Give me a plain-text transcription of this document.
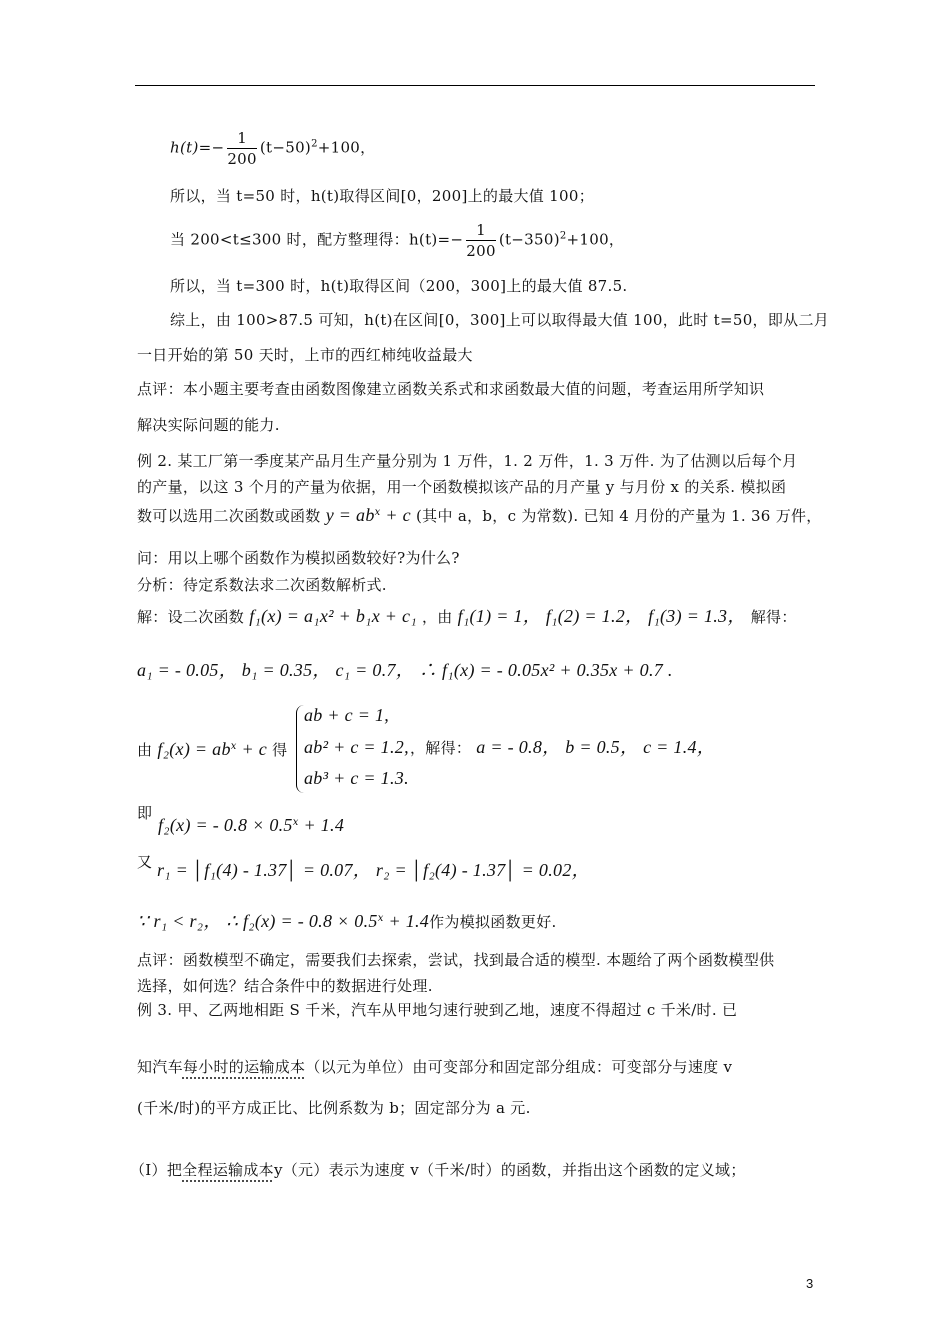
$h(t)=- \frac{1}{200} (t-50)^2+100$，
所以，当 t=50 时，h(t)取得区间[0，200]上的最大值 100；
当 200<t≤300 时，配方整理得：$h(t)=- \frac{1}{200} (t-350)^2+100$，
所以，当 t=300 时，h(t)取得区间（200，300]上的最大值 87.5.
综上，由 100>87.5 可知，h(t)在区间[0，300]上可以取得最大值 100，此时 t=50，即从二月
一日开始的第 50 天时，上市的西红柿纯收益最大
点评：本小题主要考查由函数图像建立函数关系式和求函数最大值的问题，考查运用所学知识
解决实际问题的能力.
例 2. 某工厂第一季度某产品月生产量分别为 1 万件，1. 2 万件，1. 3 万件. 为了估测以后每个月
的产量，以这 3 个月的产量为依据，用一个函数模拟该产品的月产量 y 与月份 x 的关系. 模拟函
数可以选用二次函数或函数 $y = ab^x + c$ (其中 a，b，c 为常数). 已知 4 月份的产量为 1. 36 万件，
问：用以上哪个函数作为模拟函数较好?为什么?
分析：待定系数法求二次函数解析式.
解：设二次函数 f₁(x) = a₁x² + b₁x + c₁ ，由 f₁(1) = 1， f₁(2) = 1.2， f₁(3) = 1.3， 解得：
a₁ = - 0.05， b₁ = 0.35， c₁ = 0.7， ∴ f₁(x) = - 0.05x² + 0.35x + 0.7 .
由 $f_2(x) = ab^x + c$ 得
ab + c = 1,
ab² + c = 1.2,
ab³ + c = 1.3.
，解得： a = - 0.8， b = 0.5， c = 1.4，
即
f₂(x) = - $0.8 \times 0.5^x + 1.4$
又 r₁ = │f₁(4) - 1.37│ = 0.07， r₂ = │f₂(4) - 1.37│ = 0.02，
∵ r₁ < r₂， ∴ f₂(x) = - $0.8 \times 0.5^x + 1.4$作为模拟函数更好.
点评：函数模型不确定，需要我们去探索，尝试，找到最合适的模型. 本题给了两个函数模型供
选择，如何选？结合条件中的数据进行处理.
例 3. 甲、乙两地相距 S 千米，汽车从甲地匀速行驶到乙地，速度不得超过 c 千米/时. 已
知汽车每小时的运输成本（以元为单位）由可变部分和固定部分组成：可变部分与速度 v
(千米/时)的平方成正比、比例系数为 b；固定部分为 a 元.
（Ⅰ）把全程运输成本y（元）表示为速度 v（千米/时）的函数，并指出这个函数的定义域；
3
